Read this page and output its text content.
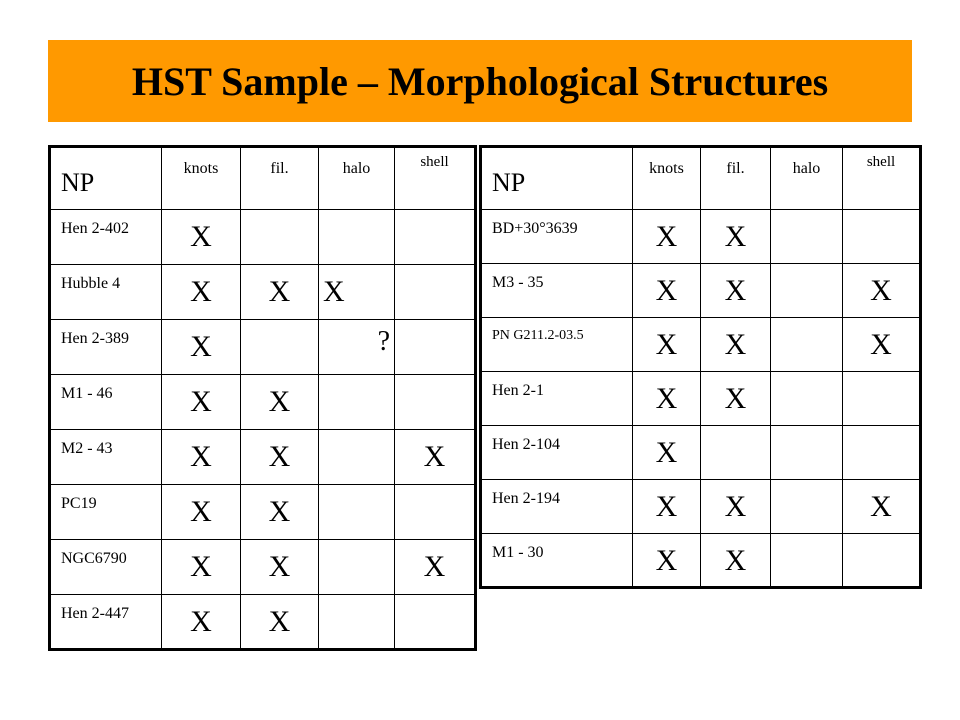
HST Sample – Morphological Structures
NP	knots	fil.	halo	shell

Hen 2-402	X			

Hubble 4	X	X	X	

Hen 2-389	X		?	

M1 - 46	X	X		

M2 - 43	X	X		X

PC19	X	X		

NGC6790	X	X		X

Hen 2-447	X	X		

NP	knots	fil.	halo	shell

BD+30°3639	X	X		

M3 - 35	X	X		X

PN G211.2-03.5	X	X		X

Hen 2-1	X	X		

Hen 2-104	X			

Hen 2-194	X	X		X

M1 - 30	X	X		
